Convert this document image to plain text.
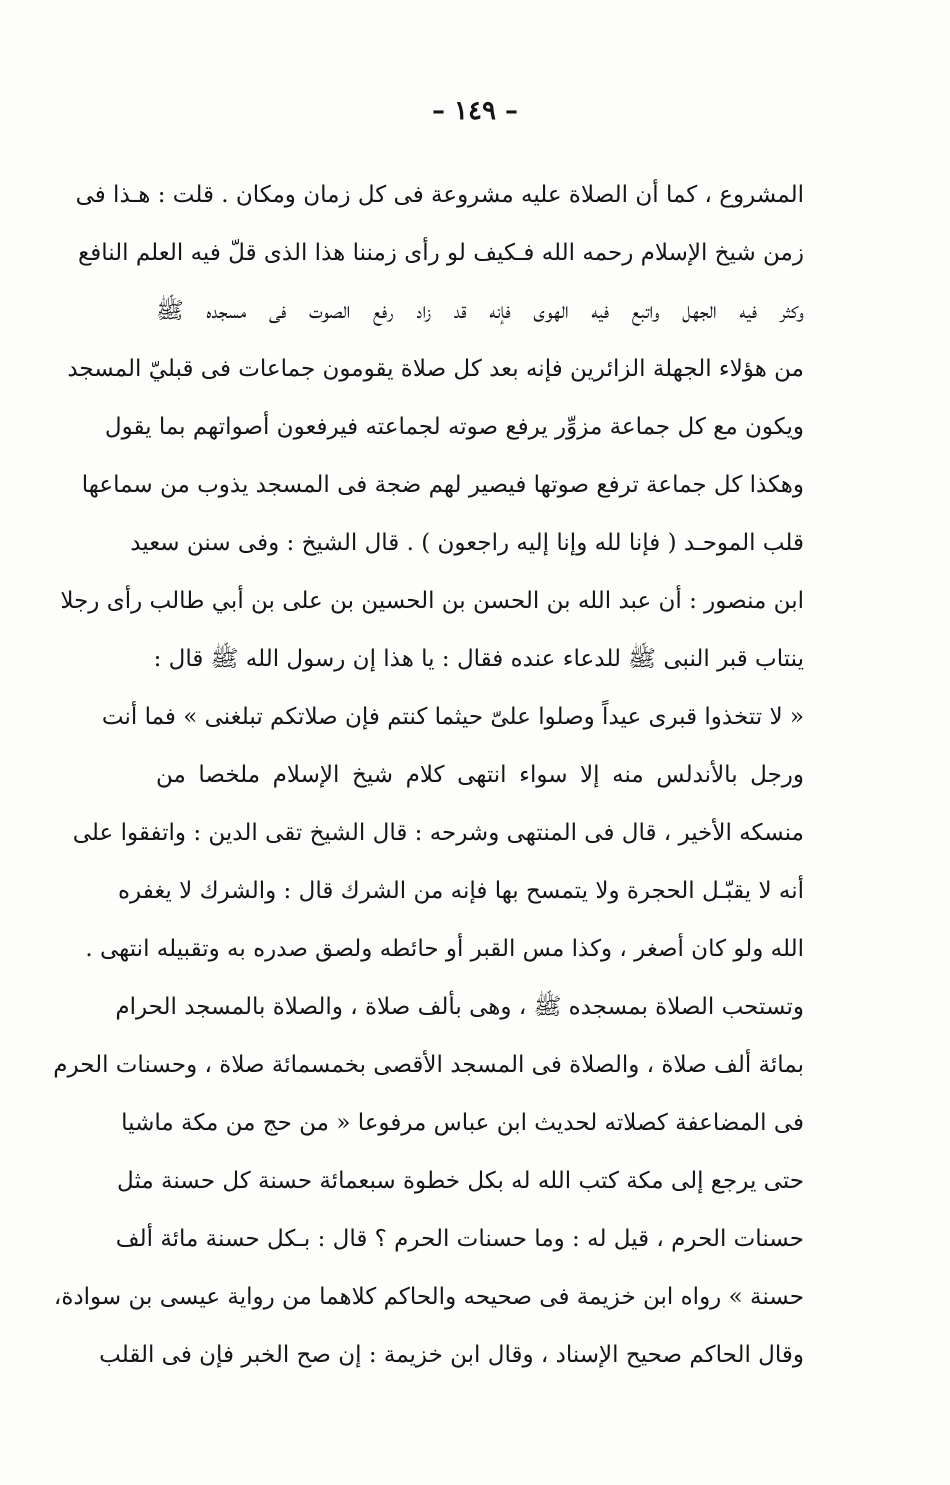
– ١٤٩ –
المشروع ، كما أن الصلاة عليه مشروعة فى كل زمان ومكان . قلت : هـذا فى
زمن شيخ الإسلام رحمه الله فـكيف لو رأى زمننا هذا الذى قلّ فيه العلم النافع
وكثر فيه الجهل واتبع فيه الهوى فإنه قد زاد رفع الصوت فى مسجده ﷺ
من هؤلاء الجهلة الزائرين فإنه بعد كل صلاة يقومون جماعات فى قبليّ المسجد
ويكون مع كل جماعة مزوِّر يرفع صوته لجماعته فيرفعون أصواتهم بما يقول
وهكذا كل جماعة ترفع صوتها فيصير لهم ضجة فى المسجد يذوب من سماعها
قلب الموحـد ( فإنا لله وإنا إليه راجعون ) . قال الشيخ : وفى سنن سعيد
ابن منصور : أن عبد الله بن الحسن بن الحسين بن على بن أبي طالب رأى رجلا
ينتاب قبر النبى ﷺ للدعاء عنده فقال : يا هذا إن رسول الله ﷺ قال :
« لا تتخذوا قبرى عيداً وصلوا علىّ حيثما كنتم فإن صلاتكم تبلغنى » فما أنت
ورجل بالأندلس منه إلا سواء انتهى كلام شيخ الإسلام ملخصا من
منسكه الأخير ، قال فى المنتهى وشرحه : قال الشيخ تقى الدين : واتفقوا على
أنه لا يقبّـل الحجرة ولا يتمسح بها فإنه من الشرك قال : والشرك لا يغفره
الله ولو كان أصغر ، وكذا مس القبر أو حائطه ولصق صدره به وتقبيله انتهى .
وتستحب الصلاة بمسجده ﷺ ، وهى بألف صلاة ، والصلاة بالمسجد الحرام
بمائة ألف صلاة ، والصلاة فى المسجد الأقصى بخمسمائة صلاة ، وحسنات الحرم
فى المضاعفة كصلاته لحديث ابن عباس مرفوعا « من حج من مكة ماشيا
حتى يرجع إلى مكة كتب الله له بكل خطوة سبعمائة حسنة كل حسنة مثل
حسنات الحرم ، قيل له : وما حسنات الحرم ؟ قال : بـكل حسنة مائة ألف
حسنة » رواه ابن خزيمة فى صحيحه والحاكم كلاهما من رواية عيسى بن سوادة،
وقال الحاكم صحيح الإسناد ، وقال ابن خزيمة : إن صح الخبر فإن فى القلب
